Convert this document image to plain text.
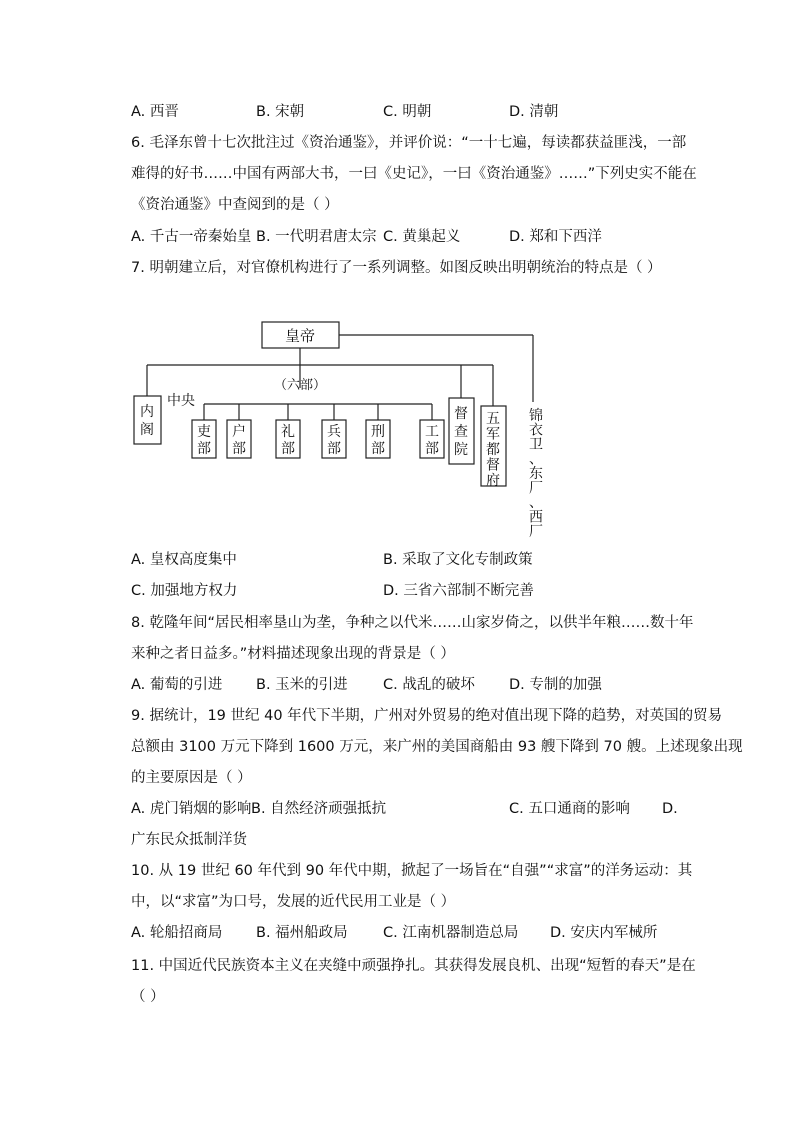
A. 西晋	B. 宋朝	C. 明朝	D. 清朝
6. 毛泽东曾十七次批注过《资治通鉴》，并评价说：“一十七遍，每读都获益匪浅，一部
难得的好书……中国有两部大书，一曰《史记》，一曰《资治通鉴》……”下列史实不能在
《资治通鉴》中查阅到的是（ ）
A. 千古一帝秦始皇 B. 一代明君唐太宗 C. 黄巢起义	D. 郑和下西洋
7. 明朝建立后，对官僚机构进行了一系列调整。如图反映出明朝统治的特点是（ ）
皇帝
（六部）
中央
内阁	吏部
户部
礼部
兵部
刑部
工部
督查院
五军都督府
锦衣卫、东厂、西厂
A. 皇权高度集中	B. 采取了文化专制政策
C. 加强地方权力	D. 三省六部制不断完善
8. 乾隆年间“居民相率垦山为垄，争种之以代米……山家岁倚之，以供半年粮……数十年
来种之者日益多。”材料描述现象出现的背景是（ ）
A. 葡萄的引进 B. 玉米的引进 C. 战乱的破坏 D. 专制的加强
9. 据统计，19 世纪 40 年代下半期，广州对外贸易的绝对值出现下降的趋势，对英国的贸易
总额由 3100 万元下降到 1600 万元，来广州的美国商船由 93 艘下降到 70 艘。上述现象出现
的主要原因是（ ）
A. 虎门销烟的影响 B. 自然经济顽强抵抗	C. 五口通商的影响 D.
广东民众抵制洋货
10. 从 19 世纪 60 年代到 90 年代中期，掀起了一场旨在“自强”“求富”的洋务运动：其
中，以“求富”为口号，发展的近代民用工业是（ ）
A. 轮船招商局 B. 福州船政局 C. 江南机器制造总局 D. 安庆内军械所
11. 中国近代民族资本主义在夹缝中顽强挣扎。其获得发展良机、出现“短暂的春天”是在
（ ）
